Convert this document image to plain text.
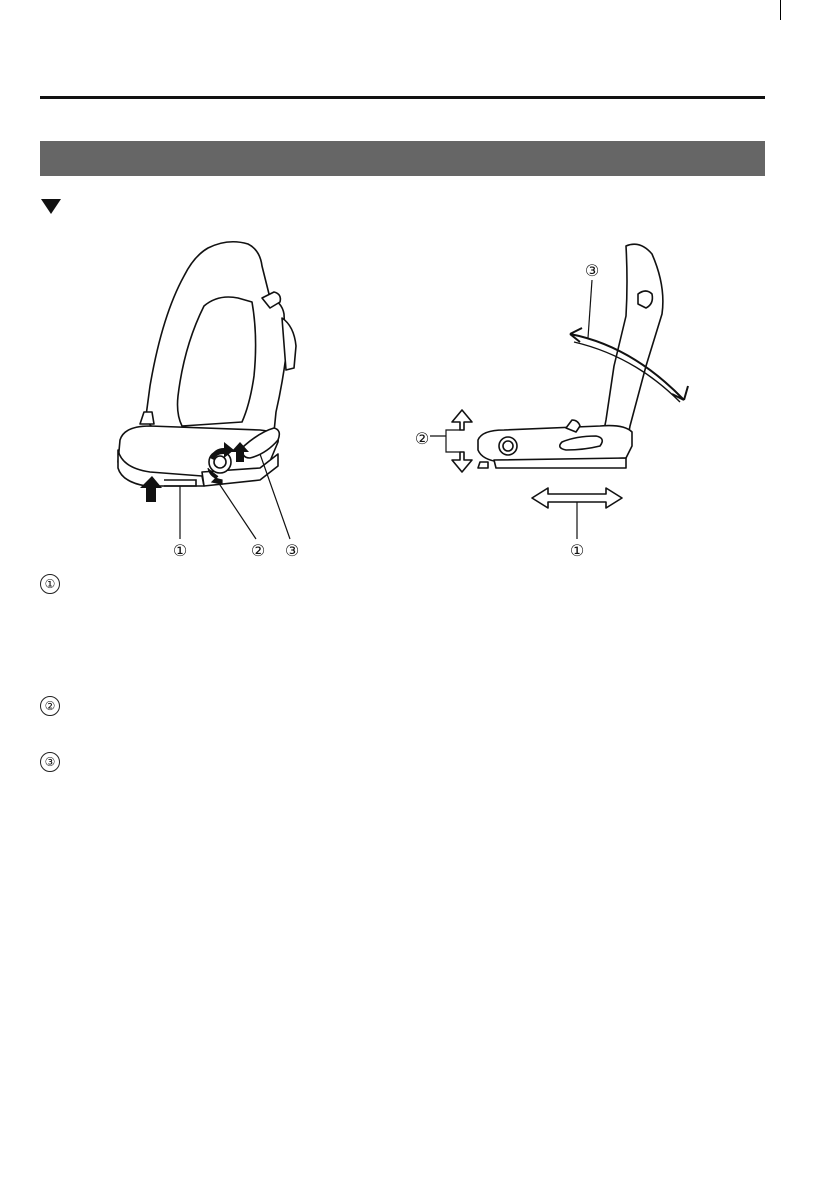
①	② ③	①
②
③
①
②
③
